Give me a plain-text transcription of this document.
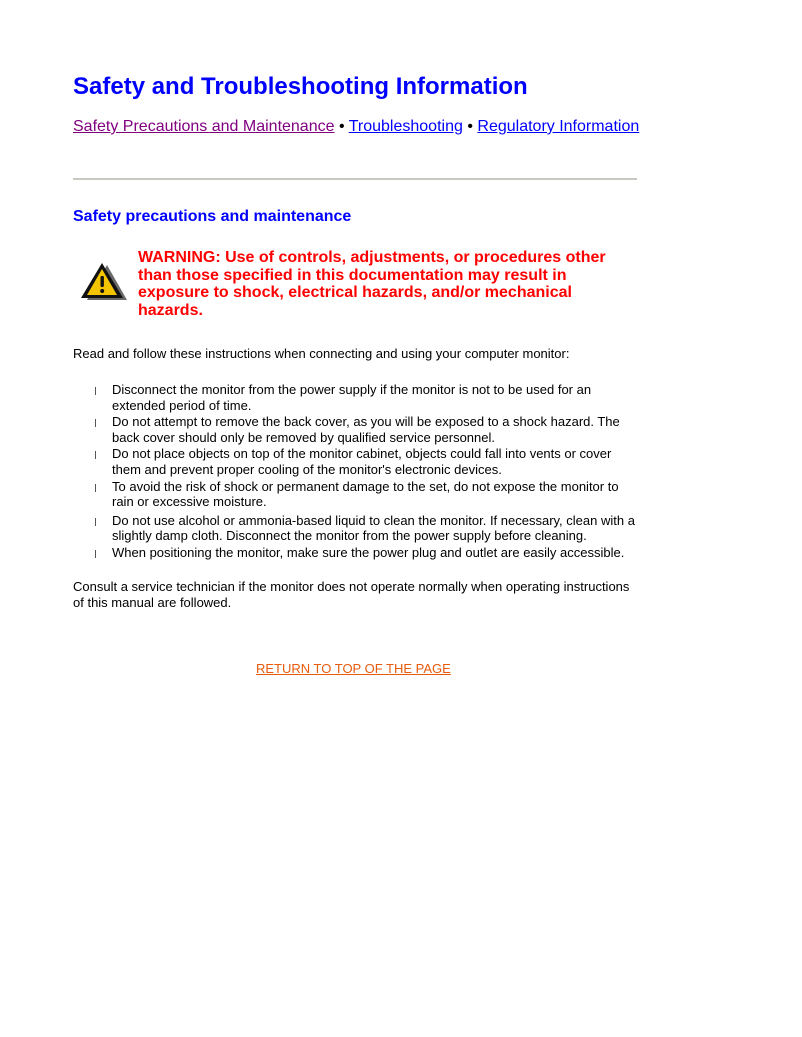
Safety and Troubleshooting Information
Safety Precautions and Maintenance • Troubleshooting • Regulatory Information
Safety precautions and maintenance
WARNING: Use of controls, adjustments, or procedures other than those specified in this documentation may result in exposure to shock, electrical hazards, and/or mechanical hazards.
Read and follow these instructions when connecting and using your computer monitor:
Disconnect the monitor from the power supply if the monitor is not to be used for an extended period of time.
Do not attempt to remove the back cover, as you will be exposed to a shock hazard. The back cover should only be removed by qualified service personnel.
Do not place objects on top of the monitor cabinet, objects could fall into vents or cover them and prevent proper cooling of the monitor's electronic devices.
To avoid the risk of shock or permanent damage to the set, do not expose the monitor to rain or excessive moisture.
Do not use alcohol or ammonia-based liquid to clean the monitor. If necessary, clean with a slightly damp cloth. Disconnect the monitor from the power supply before cleaning.
When positioning the monitor, make sure the power plug and outlet are easily accessible.
Consult a service technician if the monitor does not operate normally when operating instructions of this manual are followed.
RETURN TO TOP OF THE PAGE
